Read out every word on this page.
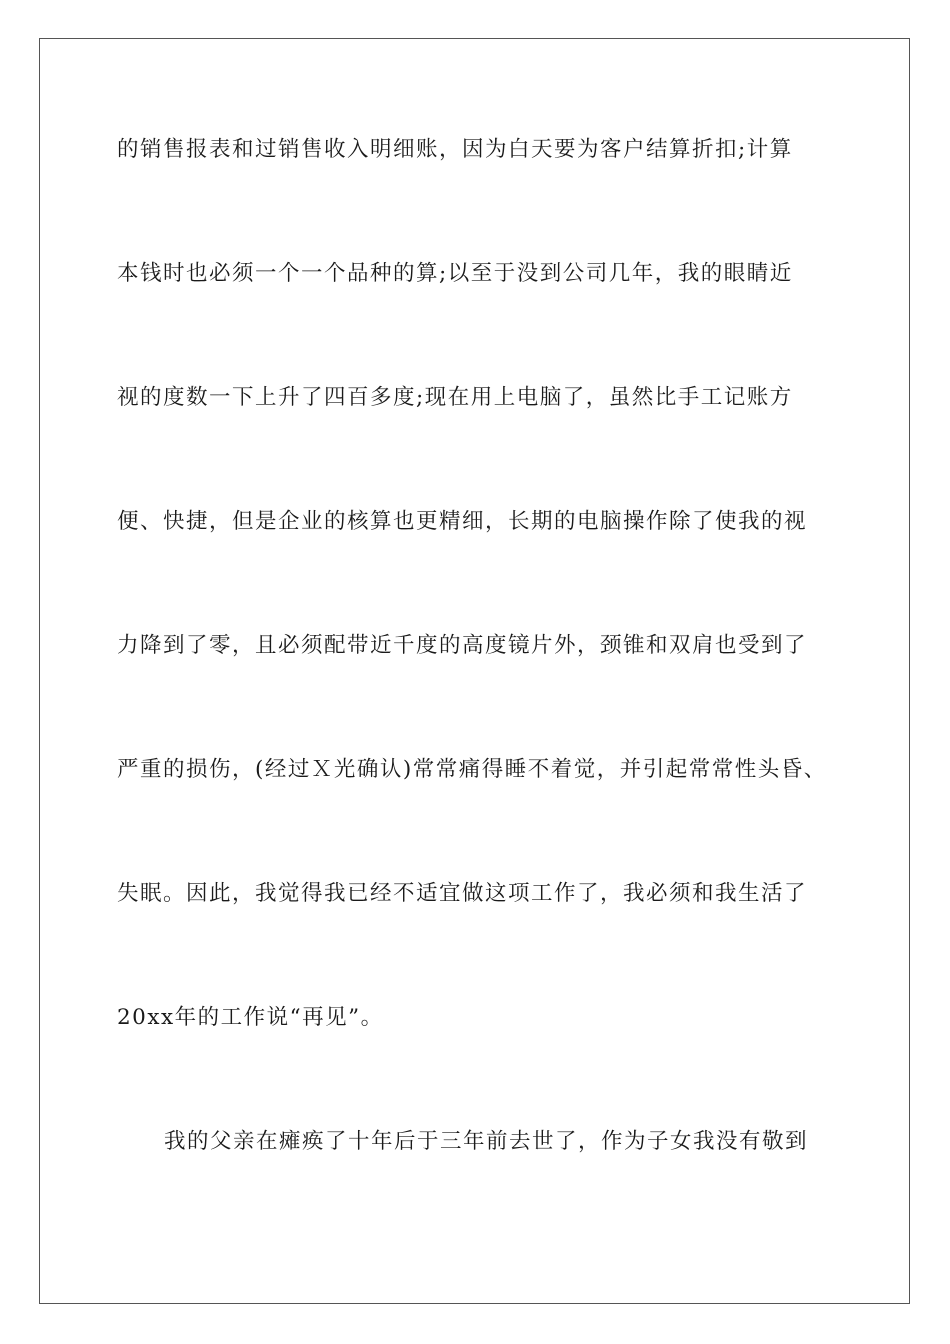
的销售报表和过销售收入明细账，因为白天要为客户结算折扣;计算
本钱时也必须一个一个品种的算;以至于没到公司几年，我的眼睛近
视的度数一下上升了四百多度;现在用上电脑了，虽然比手工记账方
便、快捷，但是企业的核算也更精细，长期的电脑操作除了使我的视
力降到了零，且必须配带近千度的高度镜片外，颈锥和双肩也受到了
严重的损伤，(经过Ｘ光确认)常常痛得睡不着觉，并引起常常性头昏、
失眠。因此，我觉得我已经不适宜做这项工作了，我必须和我生活了
20xx年的工作说“再见”。
我的父亲在瘫痪了十年后于三年前去世了，作为子女我没有敬到
